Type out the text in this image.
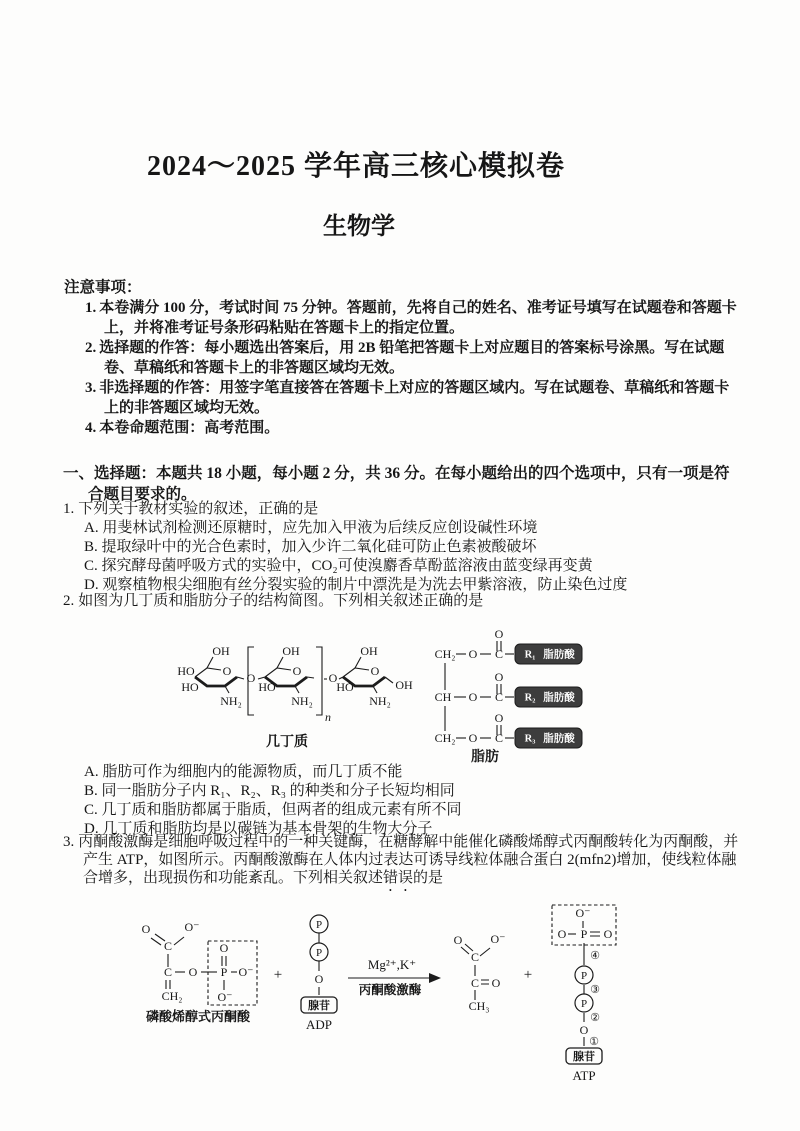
2024～2025 学年高三核心模拟卷
生物学
注意事项：
1. 本卷满分 100 分，考试时间 75 分钟。答题前，先将自己的姓名、准考证号填写在试题卷和答题卡上，并将准考证号条形码粘贴在答题卡上的指定位置。
2. 选择题的作答：每小题选出答案后，用 2B 铅笔把答题卡上对应题目的答案标号涂黑。写在试题卷、草稿纸和答题卡上的非答题区域均无效。
3. 非选择题的作答：用签字笔直接答在答题卡上对应的答题区域内。写在试题卷、草稿纸和答题卡上的非答题区域均无效。
4. 本卷命题范围：高考范围。
一、选择题：本题共 18 小题，每小题 2 分，共 36 分。在每小题给出的四个选项中，只有一项是符合题目要求的。

1. 下列关于教材实验的叙述，正确的是

A. 用斐林试剂检测还原糖时，应先加入甲液为后续反应创设碱性环境
B. 提取绿叶中的光合色素时，加入少许二氧化硅可防止色素被酸破坏
C. 探究酵母菌呼吸方式的实验中，CO₂可使溴麝香草酚蓝溶液由蓝变绿再变黄
D. 观察植物根尖细胞有丝分裂实验的制片中漂洗是为洗去甲紫溶液，防止染色过度

2. 如图为几丁质和脂肪分子的结构简图。下列相关叙述正确的是

OH
O
HO
HO
NH₂
O
OH
O
HO
NH₂
n
O
OH
O
HO	OH
NH₂
几丁质
CH₂
CH
CH₂
O C
O
R₁ 脂肪酸
O C
O
R₂ 脂肪酸
O C
O
R₃ 脂肪酸
脂肪
A. 脂肪可作为细胞内的能源物质，而几丁质不能
B. 同一脂肪分子内 R₁、R₂、R₃ 的种类和分子长短均相同
C. 几丁质和脂肪都属于脂质，但两者的组成元素有所不同
D. 几丁质和脂肪均是以碳链为基本骨架的生物大分子

3. 丙酮酸激酶是细胞呼吸过程中的一种关键酶，在糖酵解中能催化磷酸烯醇式丙酮酸转化为丙酮酸，并产生 ATP，如图所示。丙酮酸激酶在人体内过表达可诱导线粒体融合蛋白 2(mfn2)增加，使线粒体融合增多，出现损伤和功能紊乱。下列相关叙述错误的是

O	O⁻
C
C O
O
P O⁻
O⁻
CH₂
磷酸烯醇式丙酮酸
+
P
P
O
腺苷
ADP
Mg²⁺,K⁺
丙酮酸激酶
O O⁻
C
C O
CH₃
+
O⁻
O P O
④
P
③
P
②
O
①
腺苷
ATP
